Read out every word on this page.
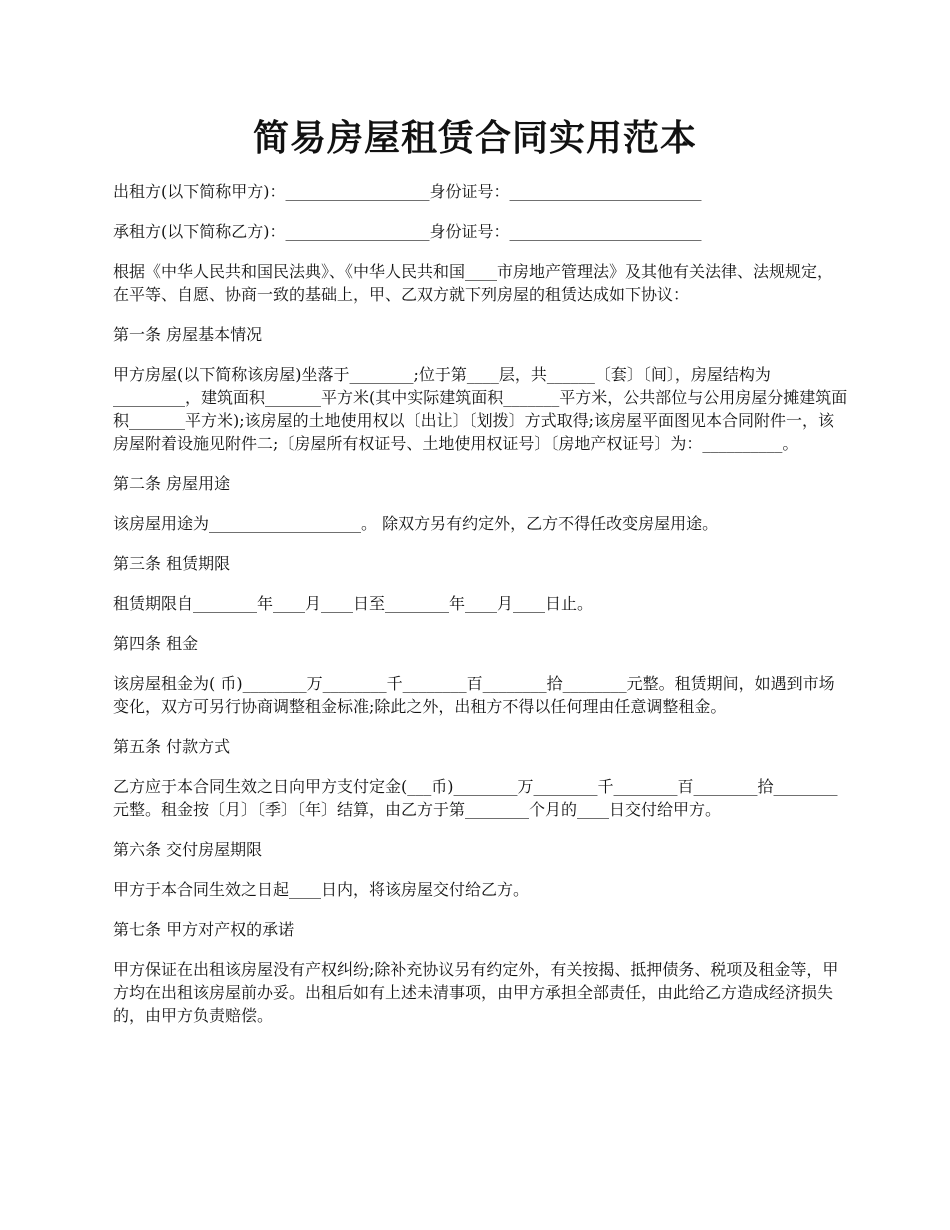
简易房屋租赁合同实用范本

出租方(以下简称甲方)：__________________身份证号：________________________

承租方(以下简称乙方)：__________________身份证号：________________________

根据《中华人民共和国民法典》、《中华人民共和国____市房地产管理法》及其他有关法律、法规规定，在平等、自愿、协商一致的基础上，甲、乙双方就下列房屋的租赁达成如下协议：

第一条 房屋基本情况

甲方房屋(以下简称该房屋)坐落于________;位于第____层，共______〔套〕〔间〕，房屋结构为_________，建筑面积_______平方米(其中实际建筑面积_______平方米，公共部位与公用房屋分摊建筑面积_______平方米);该房屋的土地使用权以〔出让〕〔划拨〕方式取得;该房屋平面图见本合同附件一，该房屋附着设施见附件二;〔房屋所有权证号、土地使用权证号〕〔房地产权证号〕为：__________。

第二条 房屋用途

该房屋用途为___________________。 除双方另有约定外，乙方不得任改变房屋用途。

第三条 租赁期限

租赁期限自________年____月____日至________年____月____日止。

第四条 租金

该房屋租金为( 币)________万________千________百________拾________元整。租赁期间，如遇到市场变化，双方可另行协商调整租金标准;除此之外，出租方不得以任何理由任意调整租金。

第五条 付款方式

乙方应于本合同生效之日向甲方支付定金(___币)________万________千________百________拾________元整。租金按〔月〕〔季〕〔年〕结算，由乙方于第________个月的____日交付给甲方。

第六条 交付房屋期限

甲方于本合同生效之日起____日内，将该房屋交付给乙方。

第七条 甲方对产权的承诺

甲方保证在出租该房屋没有产权纠纷;除补充协议另有约定外，有关按揭、抵押债务、税项及租金等，甲方均在出租该房屋前办妥。出租后如有上述未清事项，由甲方承担全部责任，由此给乙方造成经济损失的，由甲方负责赔偿。
